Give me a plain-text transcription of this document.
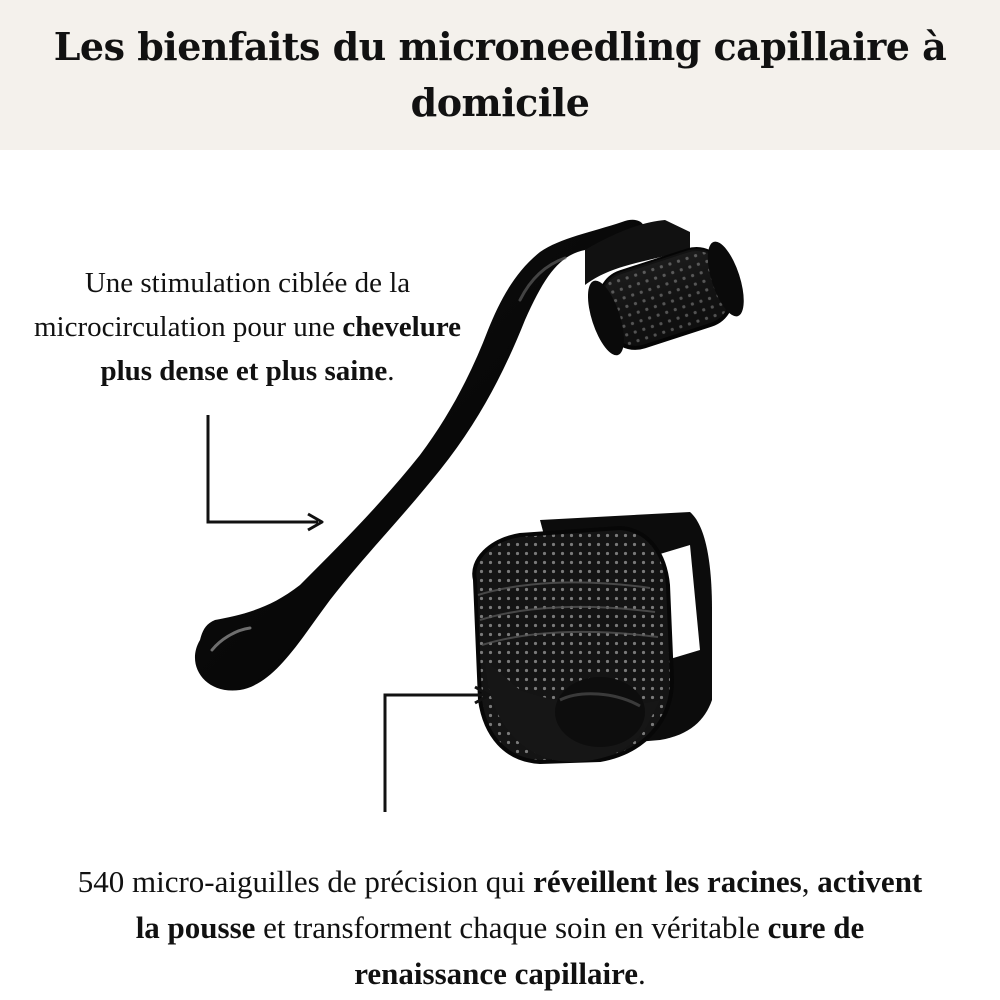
Les bienfaits du microneedling capillaire à domicile

Une stimulation ciblée de la microcirculation pour une chevelure plus dense et plus saine.

540 micro-aiguilles de précision qui réveillent les racines, activent la pousse et transforment chaque soin en véritable cure de renaissance capillaire.
